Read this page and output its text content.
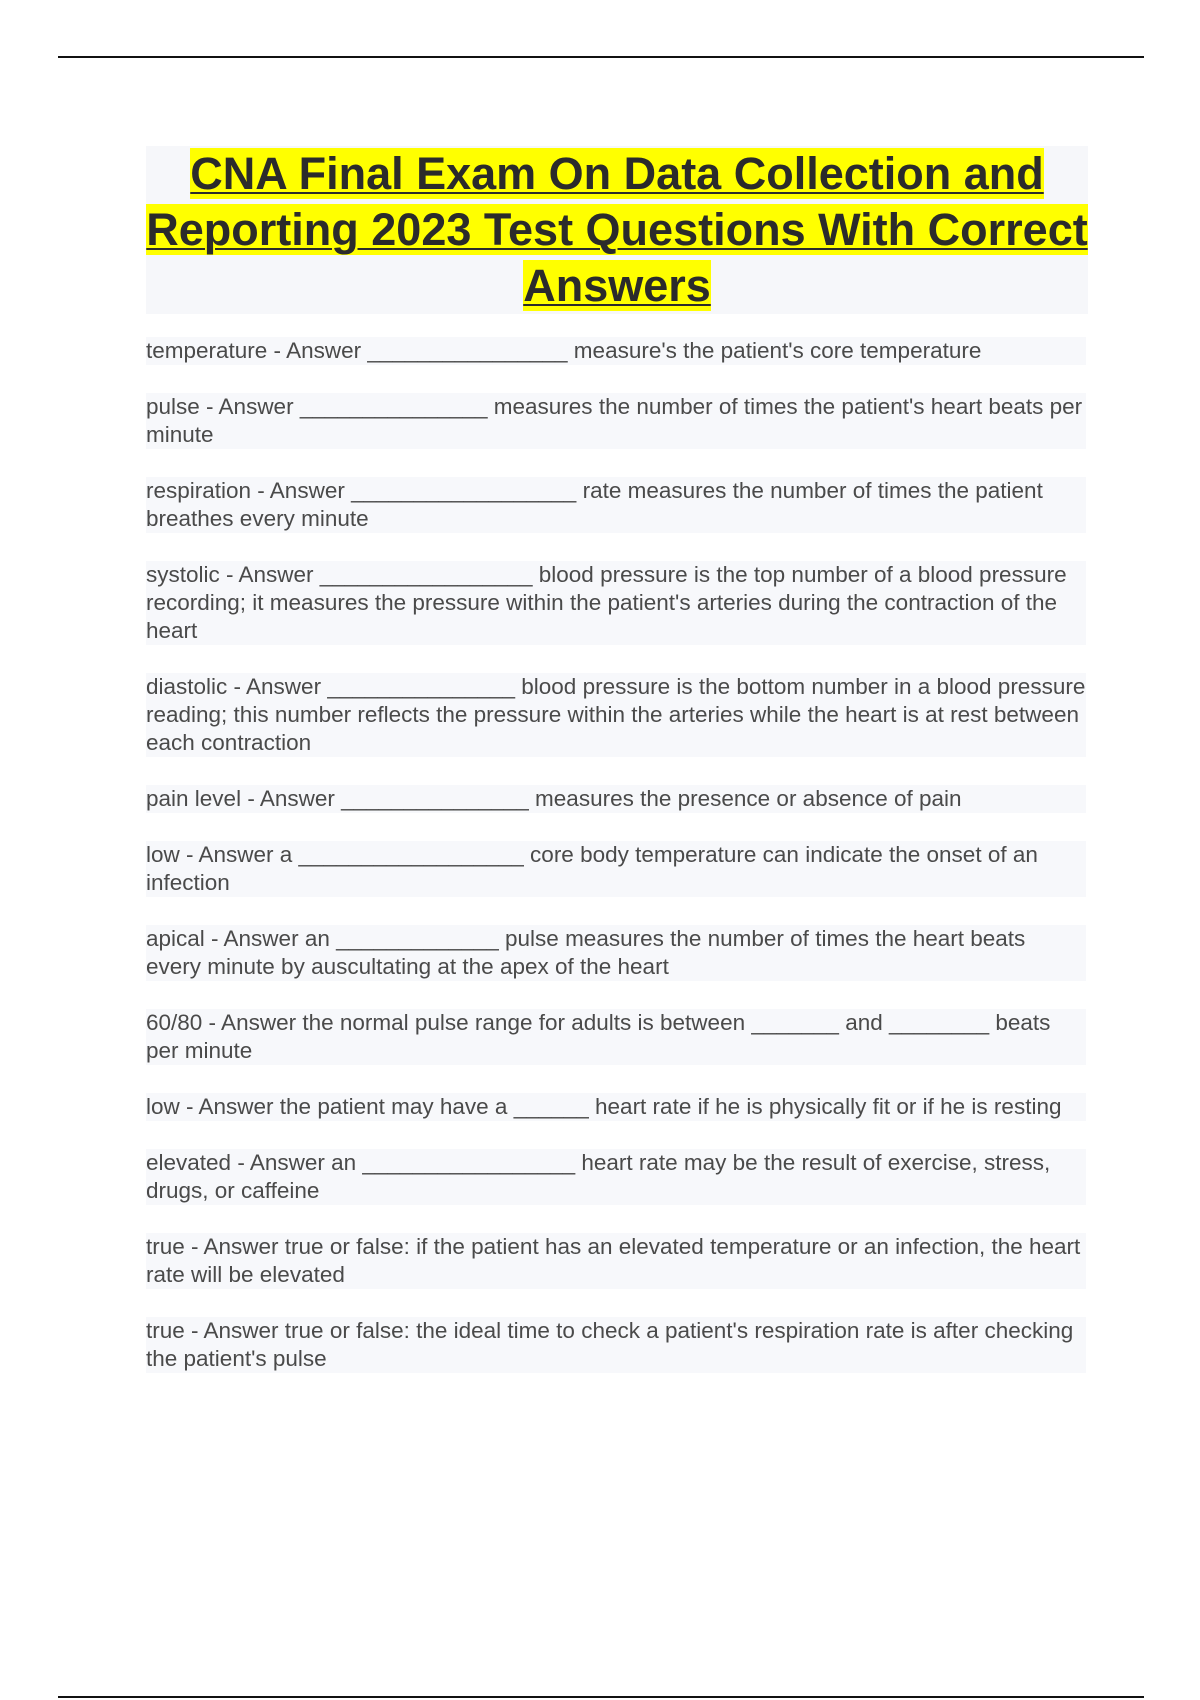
CNA Final Exam On Data Collection and Reporting 2023 Test Questions With Correct Answers

temperature - Answer ________________ measure's the patient's core temperature

pulse - Answer _______________ measures the number of times the patient's heart beats per minute

respiration - Answer __________________ rate measures the number of times the patient breathes every minute

systolic - Answer _________________ blood pressure is the top number of a blood pressure recording; it measures the pressure within the patient's arteries during the contraction of the heart

diastolic - Answer _______________ blood pressure is the bottom number in a blood pressure reading; this number reflects the pressure within the arteries while the heart is at rest between each contraction

pain level - Answer _______________ measures the presence or absence of pain

low - Answer a __________________ core body temperature can indicate the onset of an infection

apical - Answer an _____________ pulse measures the number of times the heart beats every minute by auscultating at the apex of the heart

60/80 - Answer the normal pulse range for adults is between _______ and ________ beats per minute

low - Answer the patient may have a ______ heart rate if he is physically fit or if he is resting

elevated - Answer an _________________ heart rate may be the result of exercise, stress, drugs, or caffeine

true - Answer true or false: if the patient has an elevated temperature or an infection, the heart rate will be elevated

true - Answer true or false: the ideal time to check a patient's respiration rate is after checking the patient's pulse
